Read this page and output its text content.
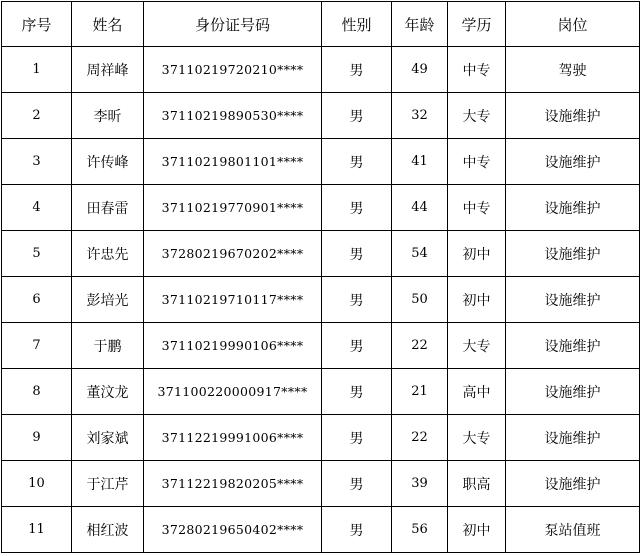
序号	姓名	身份证号码	性别	年龄	学历	岗位
1	周祥峰	37110219720210****	男	49	中专	驾驶
2	李昕	37110219890530****	男	32	大专	设施维护
3	许传峰	37110219801101****	男	41	中专	设施维护
4	田春雷	37110219770901****	男	44	中专	设施维护
5	许忠先	37280219670202****	男	54	初中	设施维护
6	彭培光	37110219710117****	男	50	初中	设施维护
7	于鹏	37110219990106****	男	22	大专	设施维护
8	董汶龙	371100220000917****	男	21	高中	设施维护
9	刘家斌	37112219991006****	男	22	大专	设施维护
10	于江芹	37112219820205****	男	39	职高	设施维护
11	相红波	37280219650402****	男	56	初中	泵站值班
